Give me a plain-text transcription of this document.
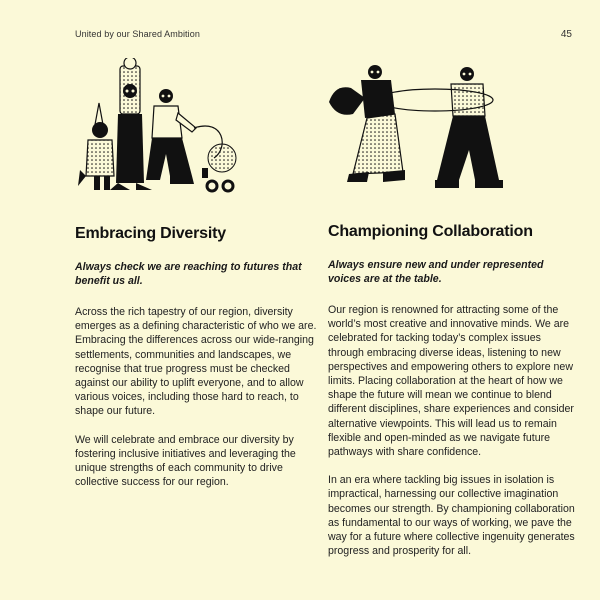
United by our Shared Ambition	45
Embracing Diversity

Always check we are reaching to futures that benefit us all.

Across the rich tapestry of our region, diversity emerges as a defining characteristic of who we are. Embracing the differences across our wide-ranging settlements, communities and landscapes, we recognise that true progress must be checked against our ability to uplift everyone, and to allow various voices, including those hard to reach, to shape our future.

We will celebrate and embrace our diversity by fostering inclusive initiatives and leveraging the unique strengths of each community to drive collective success for our region.

Championing Collaboration

Always ensure new and under represented voices are at the table.

Our region is renowned for attracting some of the world’s most creative and innovative minds. We are celebrated for tacking today’s complex issues through embracing diverse ideas, listening to new perspectives and empowering others to explore new limits. Placing collaboration at the heart of how we shape the future will mean we continue to blend different disciplines, share experiences and consider alternative viewpoints. This will lead us to remain flexible and open-minded as we navigate future pathways with share confidence.

In an era where tackling big issues in isolation is impractical, harnessing our collective imagination becomes our strength. By championing collaboration as fundamental to our ways of working, we pave the way for a future where collective ingenuity generates progress and prosperity for all.
